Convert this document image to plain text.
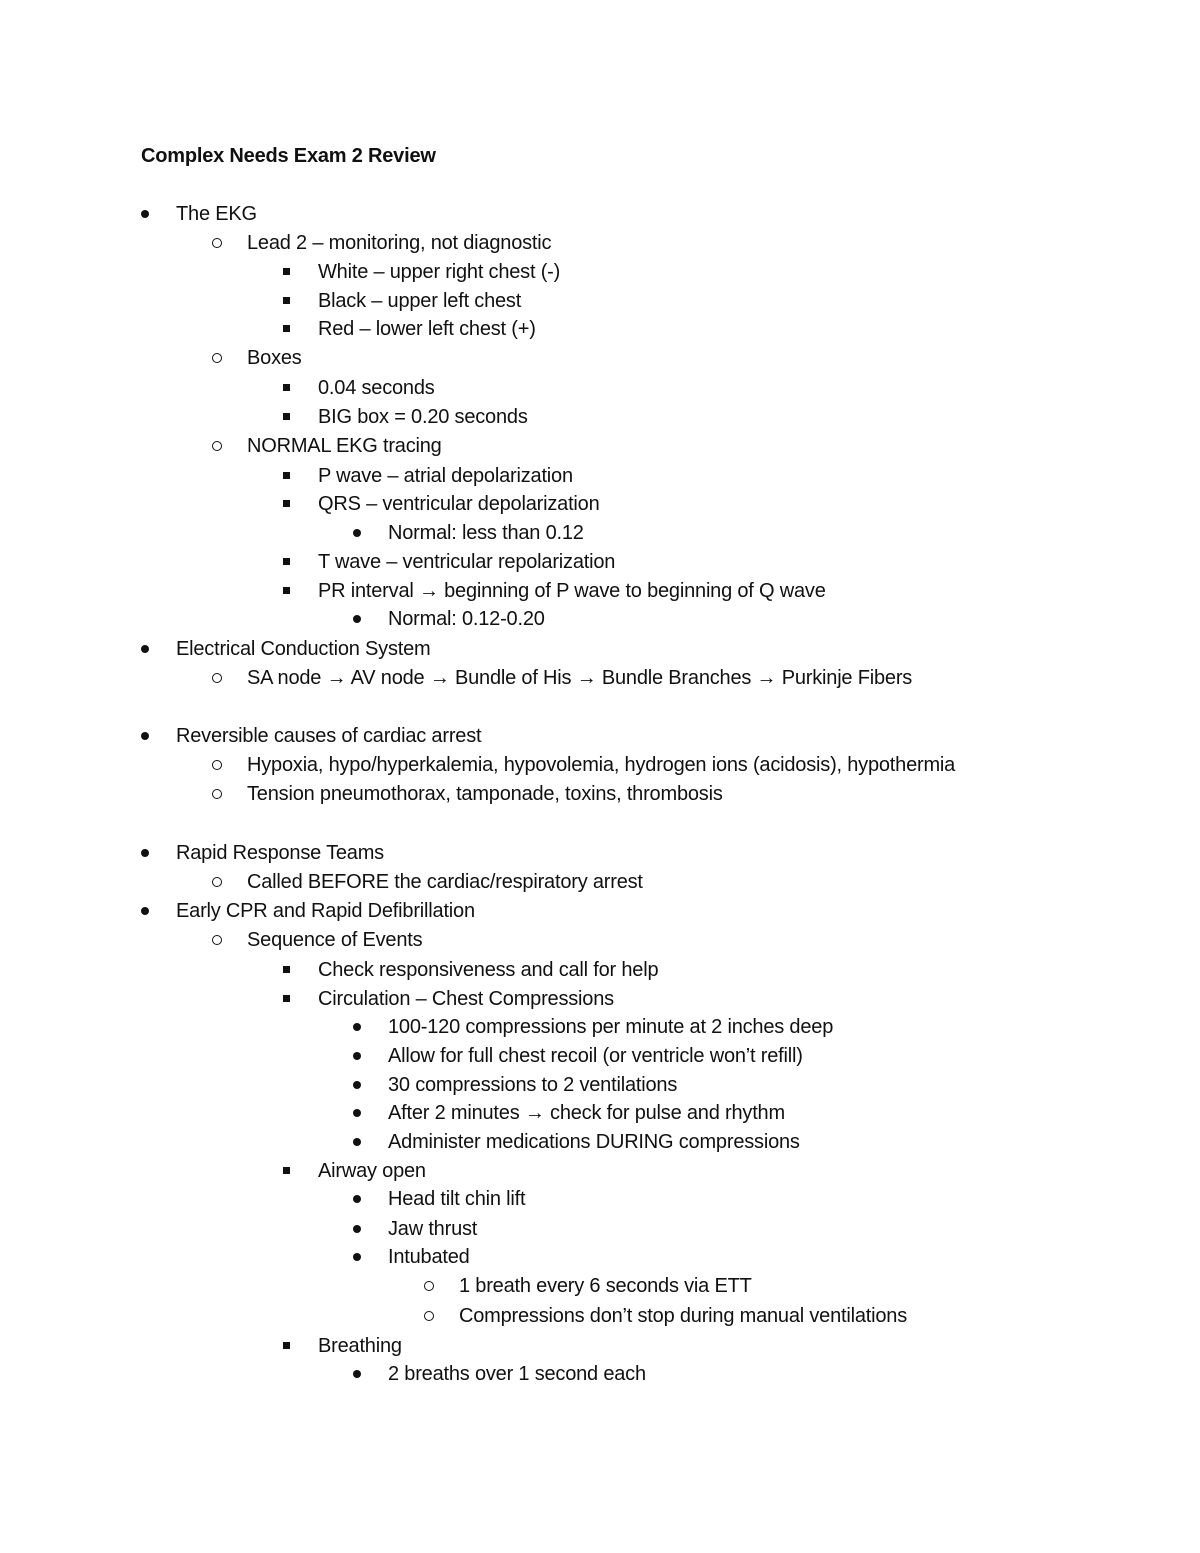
Complex Needs Exam 2 Review
The EKG
Lead 2 – monitoring, not diagnostic
White – upper right chest (-)
Black – upper left chest
Red – lower left chest (+)
Boxes
0.04 seconds
BIG box = 0.20 seconds
NORMAL EKG tracing
P wave – atrial depolarization
QRS – ventricular depolarization
Normal: less than 0.12
T wave – ventricular repolarization
PR interval → beginning of P wave to beginning of Q wave
Normal: 0.12-0.20
Electrical Conduction System
SA node → AV node → Bundle of His → Bundle Branches → Purkinje Fibers
Reversible causes of cardiac arrest
Hypoxia, hypo/hyperkalemia, hypovolemia, hydrogen ions (acidosis), hypothermia
Tension pneumothorax, tamponade, toxins, thrombosis
Rapid Response Teams
Called BEFORE the cardiac/respiratory arrest
Early CPR and Rapid Defibrillation
Sequence of Events
Check responsiveness and call for help
Circulation – Chest Compressions
100-120 compressions per minute at 2 inches deep
Allow for full chest recoil (or ventricle won’t refill)
30 compressions to 2 ventilations
After 2 minutes → check for pulse and rhythm
Administer medications DURING compressions
Airway open
Head tilt chin lift
Jaw thrust
Intubated
1 breath every 6 seconds via ETT
Compressions don’t stop during manual ventilations
Breathing
2 breaths over 1 second each
